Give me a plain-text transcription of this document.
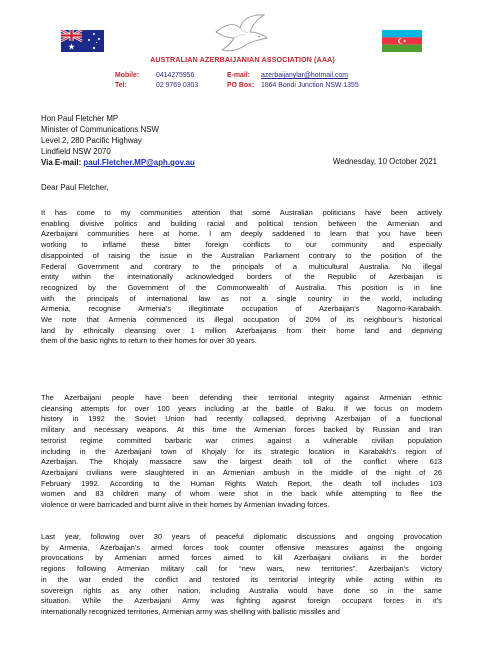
AUSTRALIAN AZERBAIJANIAN ASSOCIATION (AAA)
Mobile: 0414275956
Tel:	02 9769 0303
E-mail: azerbaijanylar@hotmail.com
PO Box: 1864 Bondi Junction NSW 1355
Hon Paul Fletcher MP
Minister of Communications NSW
Level 2, 280 Pacific Highway
Lindfield NSW 2070
Via E-mail: paul.Fletcher.MP@aph.gov.au	Wednesday, 10 October 2021
Dear Paul Fletcher,
It has come to my communities attention that some Australian politicians have been actively
enabling divisive politics and building racial and political tension between the Armenian and
Azerbaijani communities here at home. I am deeply saddened to learn that you have been
working to inflame these bitter foreign conflicts to our community and especially
disappointed of raising the issue in the Australian Parliament contrary to the position of the
Federal Government and contrary to the principals of a multicultural Australia. No illegal
entity within the internationally acknowledged borders of the Republic of Azerbaijan is
recognized by the Government of the Commonwealth of Australia. This position is in line
with the principals of international law as not a single country in the world, including
Armenia, recognise Armenia’s illegitimate occupation of Azerbaijan’s Nagorno-Karabakh.
We note that Armenia commenced its illegal occupation of 20% of its neighbour’s historical
land by ethnically cleansing over 1 million Azerbaijanis from their home land and depriving
them of the basic rights to return to their homes for over 30 years.
The Azerbaijani people have been defending their territorial integrity against Armenian ethnic
cleansing attempts for over 100 years including at the battle of Baku. If we focus on modern
history in 1992 the Soviet Union had recently collapsed, depriving Azerbaijan of a functional
military and necessary weapons. At this time the Armenian forces backed by Russian and Iran
terrorist regime committed barbaric war crimes against a vulnerable civilian population
including in the Azerbaijani town of Khojaly for its strategic location in Karabakh’s region of
Azerbaijan. The Khojaly massacre saw the largest death toll of the conflict where 613
Azerbaijani civilians were slaughtered in an Armenian ambush in the middle of the night of 26
February 1992. According to the Human Rights Watch Report, the death toll includes 103
women and 83 children many of whom were shot in the back while attempting to flee the
violence or were barricaded and burnt alive in their homes by Armenian invading forces.
Last year, following over 30 years of peaceful diplomatic discussions and ongoing provocation
by Armenia, Azerbaijan’s armed forces took counter offensive measures against the ongoing
provocations by Armenian armed forces aimed to kill Azerbaijani civilians in the border
regions following Armenian military call for “new wars, new territories”. Azerbaijan’s victory
in the war ended the conflict and restored its territorial integrity while acting within its
sovereign rights as any other nation, including Australia would have done so in the same
situation. While the Azerbaijani Army was fighting against foreign occupant forces in it’s
internationally recognized territories, Armenian army was shelling with ballistic missiles and
